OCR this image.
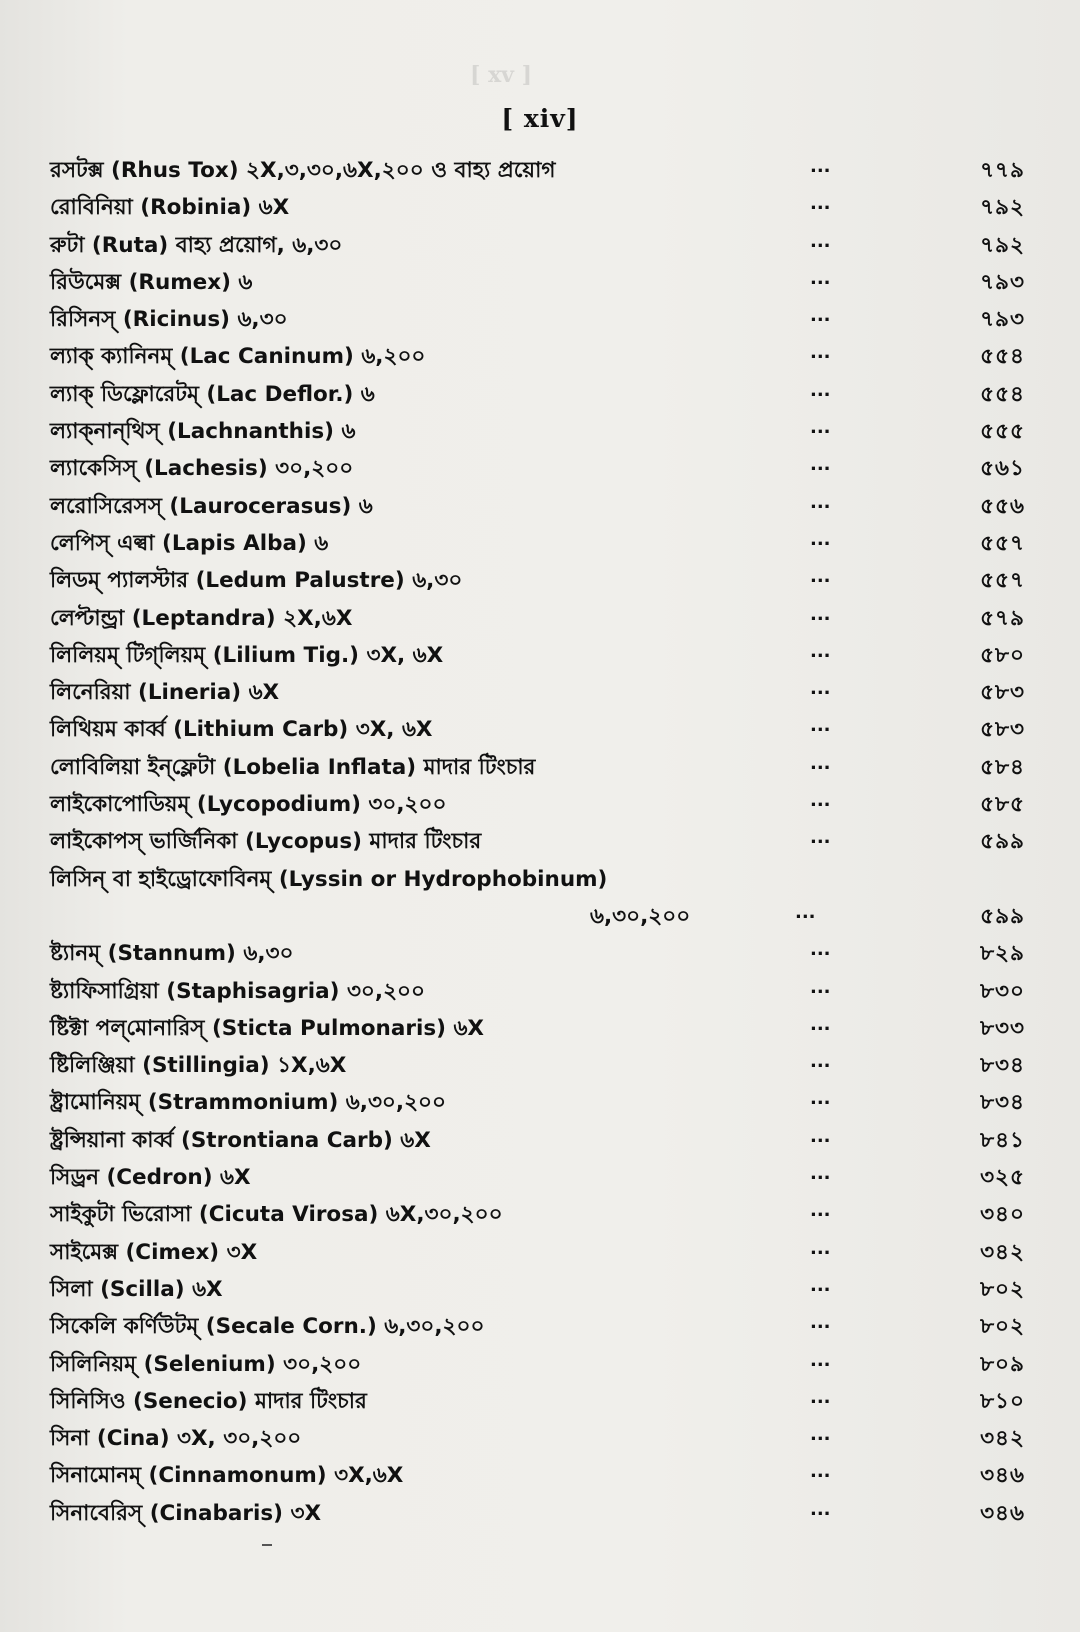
[ xv ]
[ xiv]
রসটক্স (Rhus Tox) ২X,৩,৩০,৬X,২০০ ও বাহ্য প্রয়োগ	...	৭৭৯
রোবিনিয়া (Robinia) ৬X	...	৭৯২
রুটা (Ruta) বাহ্য প্রয়োগ, ৬,৩০	...	৭৯২
রিউমেক্স (Rumex) ৬	...	৭৯৩
রিসিনস্ (Ricinus) ৬,৩০	...	৭৯৩
ল্যাক্ ক্যানিনম্ (Lac Caninum) ৬,২০০	...	৫৫৪
ল্যাক্ ডিফ্লোরেটম্ (Lac Deflor.) ৬	...	৫৫৪
ল্যাক্‌নান্‌থিস্ (Lachnanthis) ৬	...	৫৫৫
ল্যাকেসিস্ (Lachesis) ৩০,২০০	...	৫৬১
লরোসিরেসস্ (Laurocerasus) ৬	...	৫৫৬
লেপিস্ এল্বা (Lapis Alba) ৬	...	৫৫৭
লিডম্ প্যালস্টার (Ledum Palustre) ৬,৩০	...	৫৫৭
লেপ্টান্ড্রা (Leptandra) ২X,৬X	...	৫৭৯
লিলিয়ম্ টিগ্‌লিয়ম্ (Lilium Tig.) ৩X, ৬X	...	৫৮০
লিনেরিয়া (Lineria) ৬X	...	৫৮৩
লিথিয়ম কার্ব্ব (Lithium Carb) ৩X, ৬X	...	৫৮৩
লোবিলিয়া ইন্‌ফ্লেটা (Lobelia Inflata) মাদার টিংচার	...	৫৮৪
লাইকোপোডিয়ম্ (Lycopodium) ৩০,২০০	...	৫৮৫
লাইকোপস্ ভার্জিনিকা (Lycopus) মাদার টিংচার	...	৫৯৯
লিসিন্ বা হাইড্রোফোবিনম্ (Lyssin or Hydrophobinum)
৬,৩০,২০০	...	৫৯৯
ষ্ট্যানম্ (Stannum) ৬,৩০	...	৮২৯
ষ্ট্যাফিসাগ্রিয়া (Staphisagria) ৩০,২০০	...	৮৩০
ষ্টিক্টা পল্‌মোনারিস্ (Sticta Pulmonaris) ৬X	...	৮৩৩
ষ্টিলিঞ্জিয়া (Stillingia) ১X,৬X	...	৮৩৪
ষ্ট্রামোনিয়ম্ (Strammonium) ৬,৩০,২০০	...	৮৩৪
ষ্ট্রন্সিয়ানা কার্ব্ব (Strontiana Carb) ৬X	...	৮৪১
সিড্রন (Cedron) ৬X	...	৩২৫
সাইকুটা ভিরোসা (Cicuta Virosa) ৬X,৩০,২০০	...	৩৪০
সাইমেক্স (Cimex) ৩X	...	৩৪২
সিলা (Scilla) ৬X	...	৮০২
সিকেলি কর্ণিউটম্ (Secale Corn.) ৬,৩০,২০০	...	৮০২
সিলিনিয়ম্ (Selenium) ৩০,২০০	...	৮০৯
সিনিসিও (Senecio) মাদার টিংচার	...	৮১০
সিনা (Cina) ৩X, ৩০,২০০	...	৩৪২
সিনামোনম্ (Cinnamonum) ৩X,৬X	...	৩৪৬
সিনাবেরিস্ (Cinabaris) ৩X	...	৩৪৬
